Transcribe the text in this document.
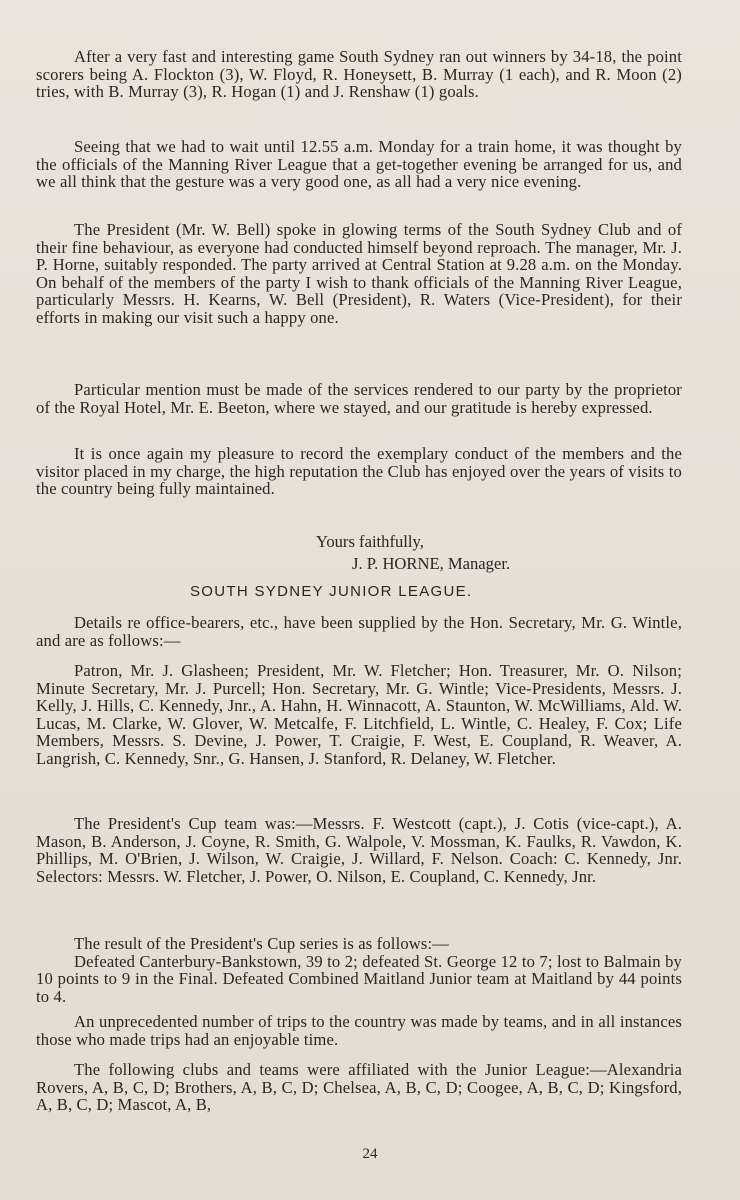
After a very fast and interesting game South Sydney ran out winners by 34-18, the point scorers being A. Flockton (3), W. Floyd, R. Honeysett, B. Murray (1 each), and R. Moon (2) tries, with B. Murray (3), R. Hogan (1) and J. Renshaw (1) goals.

Seeing that we had to wait until 12.55 a.m. Monday for a train home, it was thought by the officials of the Manning River League that a get-together evening be arranged for us, and we all think that the gesture was a very good one, as all had a very nice evening.

The President (Mr. W. Bell) spoke in glowing terms of the South Sydney Club and of their fine behaviour, as everyone had conducted himself beyond reproach. The manager, Mr. J. P. Horne, suitably responded. The party arrived at Central Station at 9.28 a.m. on the Monday. On behalf of the members of the party I wish to thank officials of the Manning River League, particularly Messrs. H. Kearns, W. Bell (President), R. Waters (Vice-President), for their efforts in making our visit such a happy one.

Particular mention must be made of the services rendered to our party by the proprietor of the Royal Hotel, Mr. E. Beeton, where we stayed, and our gratitude is hereby expressed.

It is once again my pleasure to record the exemplary conduct of the members and the visitor placed in my charge, the high reputation the Club has enjoyed over the years of visits to the country being fully maintained.

Yours faithfully,
J. P. HORNE, Manager.
SOUTH SYDNEY JUNIOR LEAGUE.

Details re office-bearers, etc., have been supplied by the Hon. Secretary, Mr. G. Wintle, and are as follows:—

Patron, Mr. J. Glasheen; President, Mr. W. Fletcher; Hon. Treasurer, Mr. O. Nilson; Minute Secretary, Mr. J. Purcell; Hon. Secretary, Mr. G. Wintle; Vice-Presidents, Messrs. J. Kelly, J. Hills, C. Kennedy, Jnr., A. Hahn, H. Winnacott, A. Staunton, W. McWilliams, Ald. W. Lucas, M. Clarke, W. Glover, W. Metcalfe, F. Litchfield, L. Wintle, C. Healey, F. Cox; Life Members, Messrs. S. Devine, J. Power, T. Craigie, F. West, E. Coupland, R. Weaver, A. Langrish, C. Kennedy, Snr., G. Hansen, J. Stanford, R. Delaney, W. Fletcher.

The President's Cup team was:—Messrs. F. Westcott (capt.), J. Cotis (vice-capt.), A. Mason, B. Anderson, J. Coyne, R. Smith, G. Walpole, V. Mossman, K. Faulks, R. Vawdon, K. Phillips, M. O'Brien, J. Wilson, W. Craigie, J. Willard, F. Nelson. Coach: C. Kennedy, Jnr. Selectors: Messrs. W. Fletcher, J. Power, O. Nilson, E. Coupland, C. Kennedy, Jnr.

The result of the President's Cup series is as follows:—

Defeated Canterbury-Bankstown, 39 to 2; defeated St. George 12 to 7; lost to Balmain by 10 points to 9 in the Final. Defeated Combined Maitland Junior team at Maitland by 44 points to 4.

An unprecedented number of trips to the country was made by teams, and in all instances those who made trips had an enjoyable time.

The following clubs and teams were affiliated with the Junior League:—Alexandria Rovers, A, B, C, D; Brothers, A, B, C, D; Chelsea, A, B, C, D; Coogee, A, B, C, D; Kingsford, A, B, C, D; Mascot, A, B,

24
